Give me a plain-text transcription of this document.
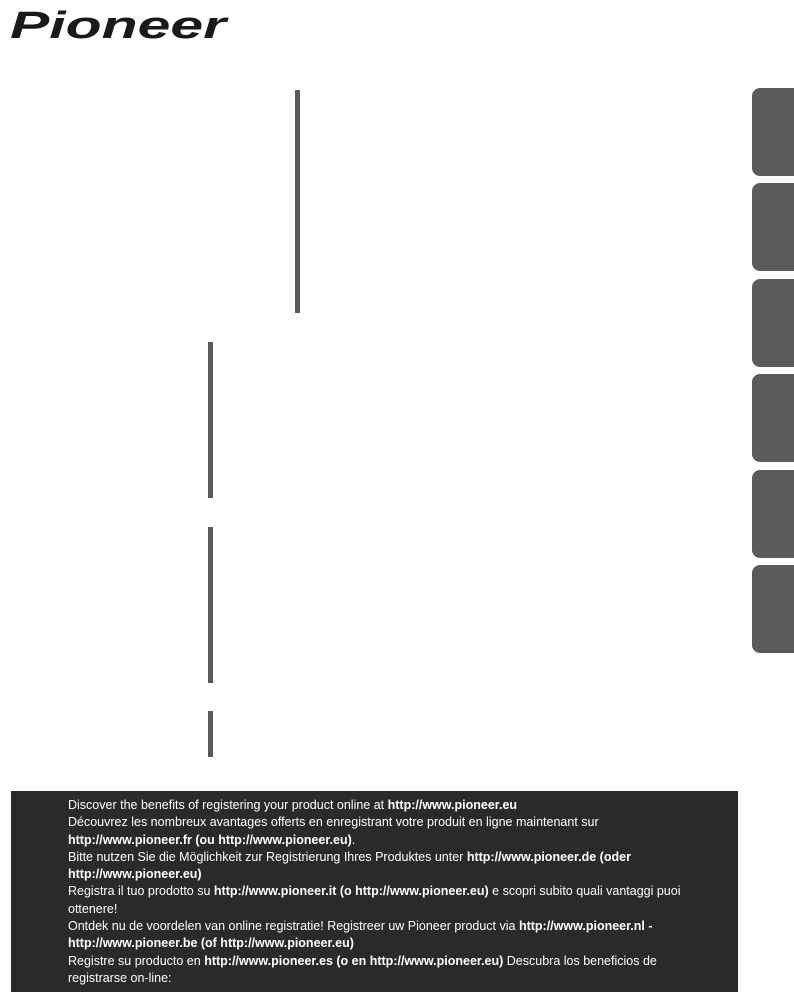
Pioneer
Discover the benefits of registering your product online at http://www.pioneer.eu
Découvrez les nombreux avantages offerts en enregistrant votre produit en ligne maintenant sur
http://www.pioneer.fr (ou http://www.pioneer.eu).
Bitte nutzen Sie die Möglichkeit zur Registrierung Ihres Produktes unter http://www.pioneer.de (oder
http://www.pioneer.eu)
Registra il tuo prodotto su http://www.pioneer.it (o http://www.pioneer.eu) e scopri subito quali vantaggi puoi
ottenere!
Ontdek nu de voordelen van online registratie! Registreer uw Pioneer product via http://www.pioneer.nl -
http://www.pioneer.be (of http://www.pioneer.eu)
Registre su producto en http://www.pioneer.es (o en http://www.pioneer.eu) Descubra los beneficios de
registrarse on-line:
